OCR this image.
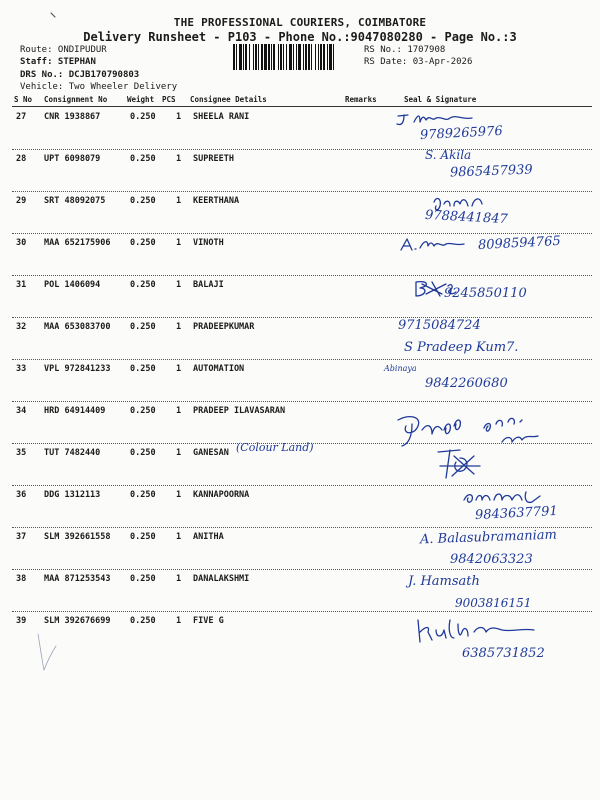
THE PROFESSIONAL COURIERS, COIMBATORE
Delivery Runsheet - P103 - Phone No.:9047080280 - Page No.:3
Route: ONDIPUDUR
Staff: STEPHAN
DRS No.: DCJB170790803
Vehicle: Two Wheeler Delivery
RS No.: 1707908
RS Date: 03-Apr-2026
S No Consignment No	Weight PCS Consignee Details	Remarks	Seal & Signature
27 CNR 1938867	0.250 1 SHEELA RANI
9789265976
28 UPT 6098079	0.250 1 SUPREETH	S. Akila
9865457939
29 SRT 48092075	0.250 1 KEERTHANA
9788441847
30 MAA 652175906 0.250 1 VINOTH	8098594765
31 POL 1406094	0.250 1 BALAJI
9245850110
32 MAA 653083700 0.250 1 PRADEEPKUMAR	9715084724
S Pradeep Kum7.
33 VPL 972841233 0.250 1 AUTOMATION	Abinaya
9842260680
34 HRD 64914409	0.250 1 PRADEEP ILAVASARAN
35 TUT 7482440	0.250 1 GANESAN (Colour Land)
36 DDG 1312113	0.250 1 KANNAPOORNA
9843637791
37 SLM 392661558 0.250 1 ANITHA	A. Balasubramaniam
9842063323
38 MAA 871253543 0.250 1 DANALAKSHMI	J. Hamsath
9003816151
39 SLM 392676699 0.250 1 FIVE G
6385731852
